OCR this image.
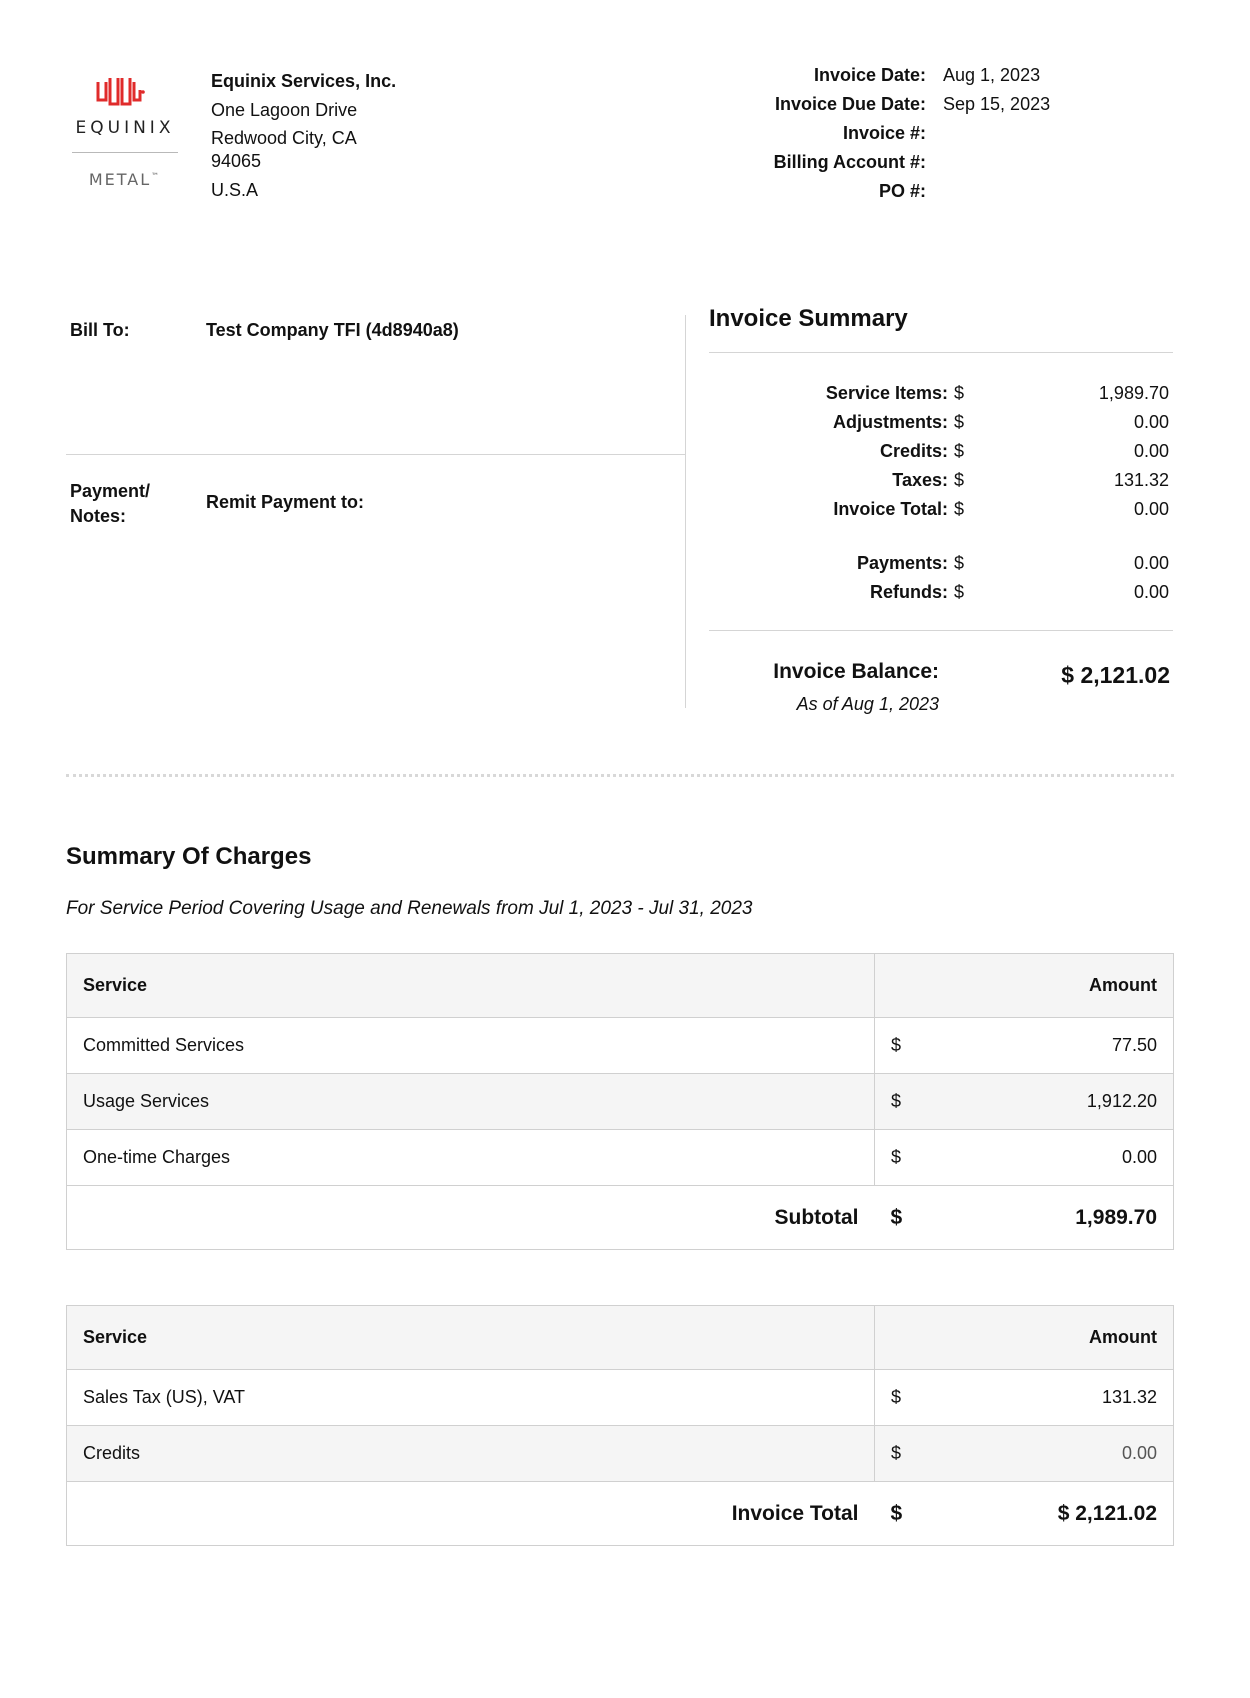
EQUINIX
METAL™
Equinix Services, Inc.
One Lagoon Drive
Redwood City, CA
94065
U.S.A
Invoice Date: Aug 1, 2023
Invoice Due Date: Sep 15, 2023
Invoice #:
Billing Account #:
PO #:
Bill To:	Test Company TFI (4d8940a8)
Payment/ Notes:
Remit Payment to:
Invoice Summary
Service Items: $	1,989.70
Adjustments: $	0.00
Credits: $	0.00
Taxes: $	131.32
Invoice Total: $	0.00
Payments: $	0.00
Refunds: $	0.00
Invoice Balance:
As of Aug 1, 2023
$ 2,121.02
Summary Of Charges
For Service Period Covering Usage and Renewals from Jul 1, 2023 - Jul 31, 2023
Service	Amount
Committed Services	$ 77.50
Usage Services	$ 1,912.20
One-time Charges	$ 0.00
Subtotal	$ 1,989.70
Service	Amount
Sales Tax (US), VAT	$ 131.32
Credits	$ 0.00
Invoice Total	$ $ 2,121.02
